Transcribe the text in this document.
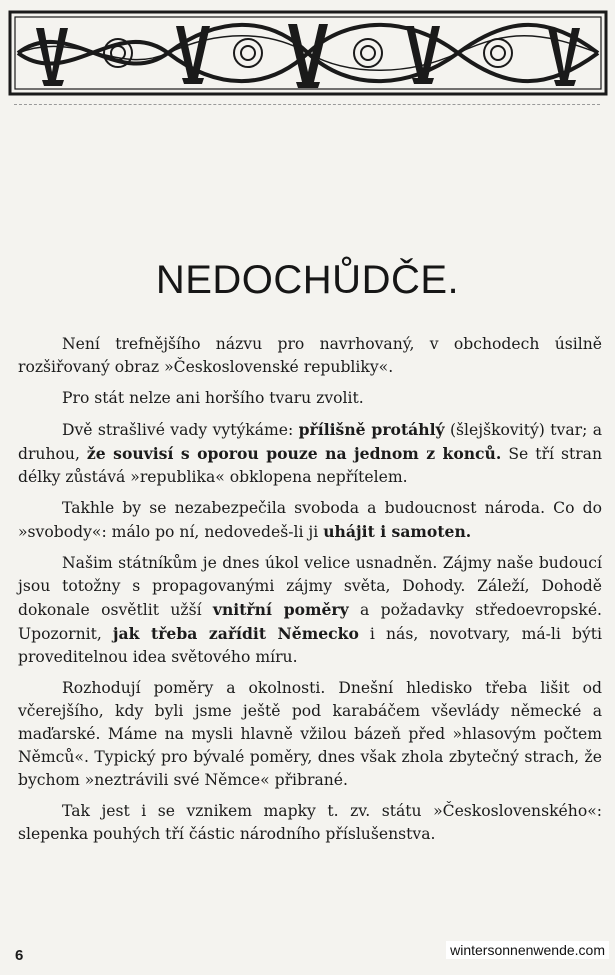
NEDOCHŮDČE.

Není trefnějšího názvu pro navrhovaný, v obchodech úsilně rozšiřovaný obraz »Československé republiky«.

Pro stát nelze ani horšího tvaru zvolit.

Dvě strašlivé vady vytýkáme: přílišně protáhlý (šlejškovitý) tvar; a druhou, že souvisí s oporou pouze na jednom z konců. Se tří stran délky zůstává »republika« obklopena nepřítelem.

Takhle by se nezabezpečila svoboda a budoucnost národa. Co do »svobody«: málo po ní, nedovedeš-li ji uhájit i samoten.

Našim státníkům je dnes úkol velice usnadněn. Zájmy naše budoucí jsou totožny s propagovanými zájmy světa, Dohody. Záleží, Dohodě dokonale osvětlit užší vnitřní poměry a požadavky středoevropské. Upozornit, jak třeba zařídit Německo i nás, novotvary, má-li býti proveditelnou idea světového míru.

Rozhodují poměry a okolnosti. Dnešní hledisko třeba lišit od včerejšího, kdy byli jsme ještě pod karabáčem vševlády německé a maďarské. Máme na mysli hlavně vžilou bázeň před »hlasovým počtem Němců«. Typický pro bývalé poměry, dnes však zhola zbytečný strach, že bychom »neztrávili své Němce« přibrané.

Tak jest i se vznikem mapky t. zv. státu »Československého«: slepenka pouhých tří částic národního příslušenstva.

6	wintersonnenwende.com
